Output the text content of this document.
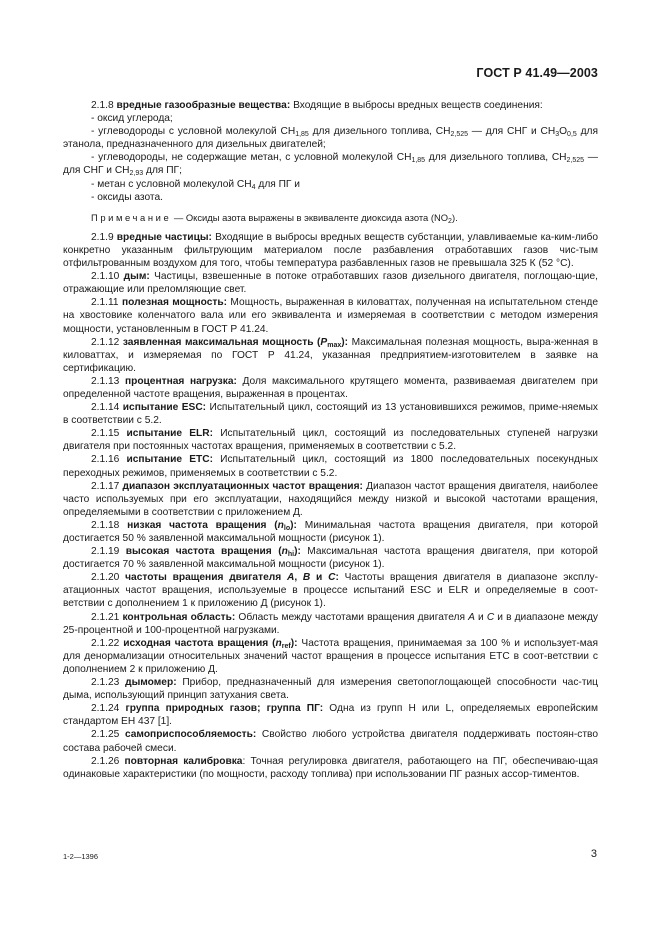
ГОСТ Р 41.49—2003

2.1.8 вредные газообразные вещества: Входящие в выбросы вредных веществ соединения:

- оксид углерода;

- углеводороды с условной молекулой $CH_{1,85}$ для дизельного топлива, $CH_{2,525}$ — для СНГ и $CH_3O_{0,5}$ для этанола, предназначенного для дизельных двигателей;

- углеводороды, не содержащие метан, с условной молекулой $CH_{1,85}$ для дизельного топлива, $CH_{2,525}$ — для СНГ и $CH_{2,93}$ для ПГ;

- метан с условной молекулой $CH_4$ для ПГ и

- оксиды азота.

Примечание — Оксиды азота выражены в эквиваленте диоксида азота $(NO_2)$.

2.1.9 вредные частицы: Входящие в выбросы вредных веществ субстанции, улавливаемые ка-ким-либо конкретно указанным фильтрующим материалом после разбавления отработавших газов чис-тым отфильтрованным воздухом для того, чтобы температура разбавленных газов не превышала 325 К (52 °С).

2.1.10 дым: Частицы, взвешенные в потоке отработавших газов дизельного двигателя, поглощаю-щие, отражающие или преломляющие свет.

2.1.11 полезная мощность: Мощность, выраженная в киловаттах, полученная на испытательном стенде на хвостовике коленчатого вала или его эквивалента и измеряемая в соответствии с методом измерения мощности, установленным в ГОСТ Р 41.24.

2.1.12 заявленная максимальная мощность $(P_{max})$: Максимальная полезная мощность, выра-женная в киловаттах, и измеряемая по ГОСТ Р 41.24, указанная предприятием-изготовителем в заявке на сертификацию.

2.1.13 процентная нагрузка: Доля максимального крутящего момента, развиваемая двигателем при определенной частоте вращения, выраженная в процентах.

2.1.14 испытание ESC: Испытательный цикл, состоящий из 13 установившихся режимов, приме-няемых в соответствии с 5.2.

2.1.15 испытание ELR: Испытательный цикл, состоящий из последовательных ступеней нагрузки двигателя при постоянных частотах вращения, применяемых в соответствии с 5.2.

2.1.16 испытание ЕТС: Испытательный цикл, состоящий из 1800 последовательных посекундных переходных режимов, применяемых в соответствии с 5.2.

2.1.17 диапазон эксплуатационных частот вращения: Диапазон частот вращения двигателя, наиболее часто используемых при его эксплуатации, находящийся между низкой и высокой частотами вращения, определяемыми в соответствии с приложением Д.

2.1.18 низкая частота вращения $(n_{lo})$: Минимальная частота вращения двигателя, при которой достигается 50 % заявленной максимальной мощности (рисунок 1).

2.1.19 высокая частота вращения $(n_{hi})$: Максимальная частота вращения двигателя, при которой достигается 70 % заявленной максимальной мощности (рисунок 1).

2.1.20 частоты вращения двигателя A, B и C: Частоты вращения двигателя в диапазоне эксплу-атационных частот вращения, используемые в процессе испытаний ESC и ELR и определяемые в соот-ветствии с дополнением 1 к приложению Д (рисунок 1).

2.1.21 контрольная область: Область между частотами вращения двигателя A и C и в диапазоне между 25-процентной и 100-процентной нагрузками.

2.1.22 исходная частота вращения $(n_{ref})$: Частота вращения, принимаемая за 100 % и использует-мая для денормализации относительных значений частот вращения в процессе испытания ЕТС в соот-ветствии с дополнением 2 к приложению Д.

2.1.23 дымомер: Прибор, предназначенный для измерения светопоглощающей способности час-тиц дыма, использующий принцип затухания света.

2.1.24 группа природных газов; группа ПГ: Одна из групп H или L, определяемых европейским стандартом ЕН 437 [1].

2.1.25 самоприспособляемость: Свойство любого устройства двигателя поддерживать постоян-ство состава рабочей смеси.

2.1.26 повторная калибровка: Точная регулировка двигателя, работающего на ПГ, обеспечиваю-щая одинаковые характеристики (по мощности, расходу топлива) при использовании ПГ разных ассор-тиментов.

1-2—1396	3
